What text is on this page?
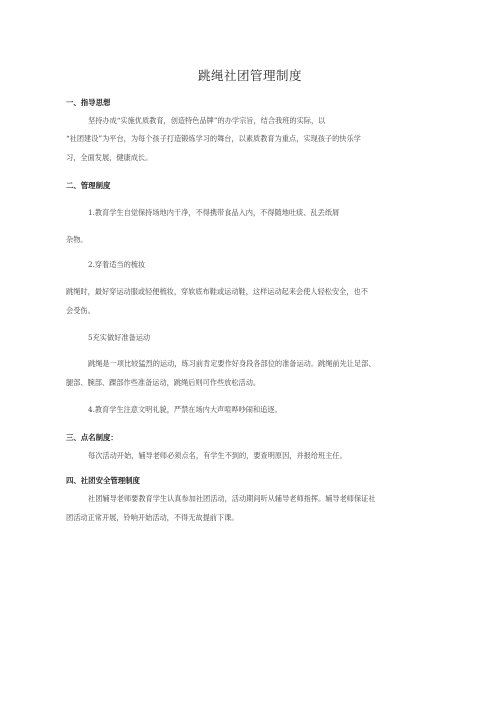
跳绳社团管理制度
一、指导思想
坚持办成“实施优质教育，创造特色品牌”的办学宗旨，结合我班的实际，以
“社团建设”为平台，为每个孩子打造锻炼学习的舞台，以素质教育为重点，实现孩子的快乐学
习，全面发展，健康成长。
二、管理制度
1.教育学生自觉保持场地内干净，不得携带食品入内，不得随地吐痰、乱丢纸屑
杂物。
2.穿着适当的梳妆
跳绳时，最好穿运动服或轻便梳妆，穿软底布鞋或运动鞋，这样运动起来会使人轻松安全，也不
会受伤。
5充实做好准备运动
跳绳是一项比较猛烈的运动，练习前肯定要作好身段各部位的准备运动。跳绳前先让足部、
腿部、腕部、踝部作些准备运动，跳绳后则可作些放松活动。
4.教育学生注意文明礼貌，严禁在场内大声喧哗吵闹和追逐。
三、点名制度：
每次活动开始，辅导老师必须点名，有学生不到的，要查明原因，并报给班主任。
四、社团安全管理制度
社团辅导老师要教育学生认真参加社团活动，活动期间听从辅导老师指挥。辅导老师保证社
团活动正常开展，铃响开始活动，不得无故提前下课。
